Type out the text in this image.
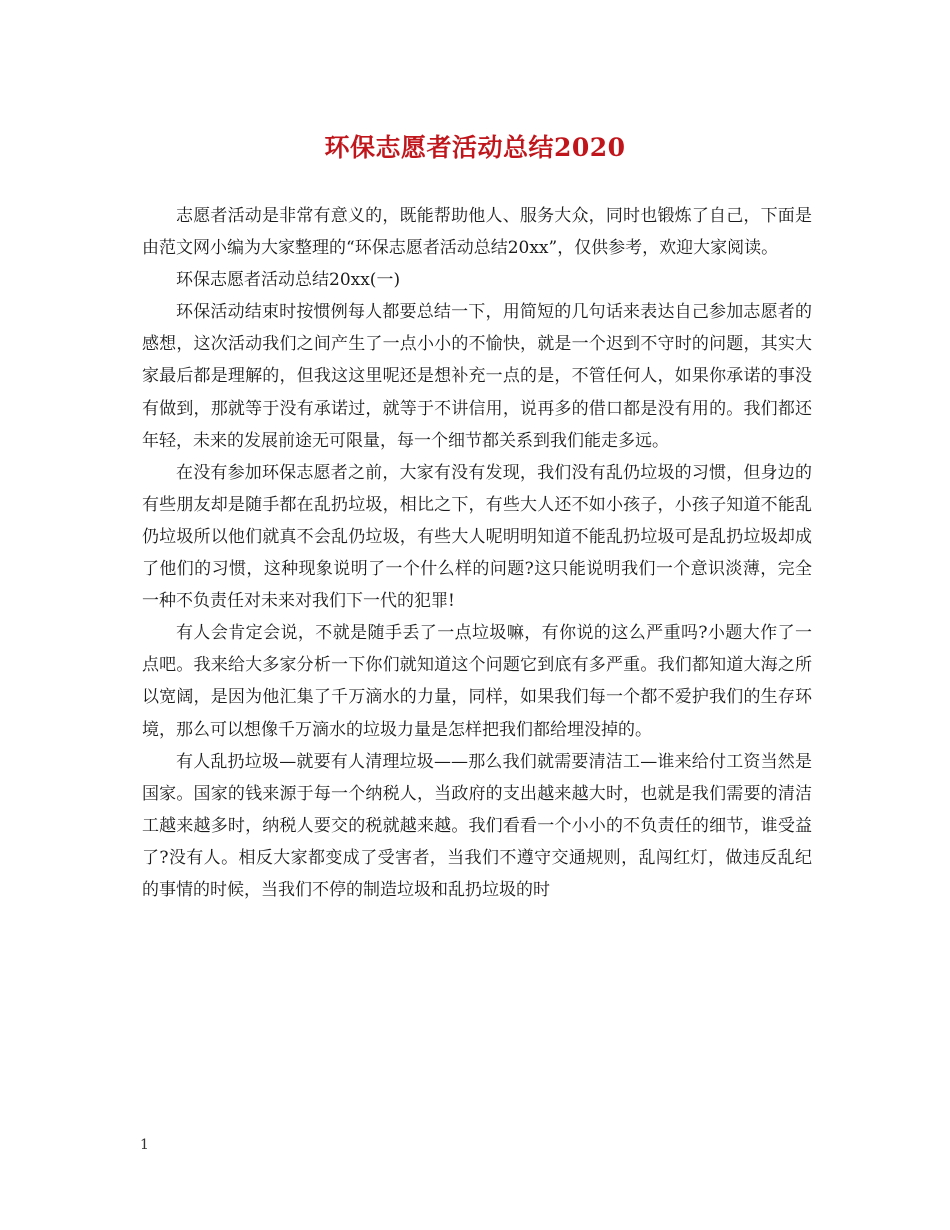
环保志愿者活动总结2020

志愿者活动是非常有意义的，既能帮助他人、服务大众，同时也锻炼了自己，下面是由范文网小编为大家整理的“环保志愿者活动总结20xx”，仅供参考，欢迎大家阅读。

环保志愿者活动总结20xx(一)

环保活动结束时按惯例每人都要总结一下，用简短的几句话来表达自己参加志愿者的感想，这次活动我们之间产生了一点小小的不愉快，就是一个迟到不守时的问题，其实大家最后都是理解的，但我这这里呢还是想补充一点的是，不管任何人，如果你承诺的事没有做到，那就等于没有承诺过，就等于不讲信用，说再多的借口都是没有用的。我们都还年轻，未来的发展前途无可限量，每一个细节都关系到我们能走多远。

在没有参加环保志愿者之前，大家有没有发现，我们没有乱仍垃圾的习惯，但身边的有些朋友却是随手都在乱扔垃圾，相比之下，有些大人还不如小孩子，小孩子知道不能乱仍垃圾所以他们就真不会乱仍垃圾，有些大人呢明明知道不能乱扔垃圾可是乱扔垃圾却成了他们的习惯，这种现象说明了一个什么样的问题?这只能说明我们一个意识淡薄，完全一种不负责任对未来对我们下一代的犯罪!

有人会肯定会说，不就是随手丢了一点垃圾嘛，有你说的这么严重吗?小题大作了一点吧。我来给大多家分析一下你们就知道这个问题它到底有多严重。我们都知道大海之所以宽阔，是因为他汇集了千万滴水的力量，同样，如果我们每一个都不爱护我们的生存环境，那么可以想像千万滴水的垃圾力量是怎样把我们都给埋没掉的。

有人乱扔垃圾—就要有人清理垃圾——那么我们就需要清洁工—谁来给付工资当然是国家。国家的钱来源于每一个纳税人，当政府的支出越来越大时，也就是我们需要的清洁工越来越多时，纳税人要交的税就越来越。我们看看一个小小的不负责任的细节，谁受益了?没有人。相反大家都变成了受害者，当我们不遵守交通规则，乱闯红灯，做违反乱纪的事情的时候，当我们不停的制造垃圾和乱扔垃圾的时

1
